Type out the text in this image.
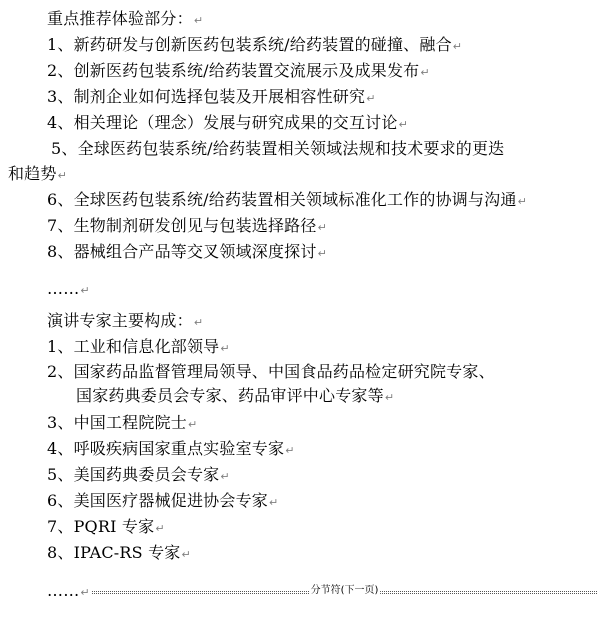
重点推荐体验部分：↵
1、新药研发与创新医药包装系统/给药装置的碰撞、融合↵
2、创新医药包装系统/给药装置交流展示及成果发布↵
3、制剂企业如何选择包装及开展相容性研究↵
4、相关理论（理念）发展与研究成果的交互讨论↵
5、全球医药包装系统/给药装置相关领域法规和技术要求的更迭
和趋势↵
6、全球医药包装系统/给药装置相关领域标准化工作的协调与沟通↵
7、生物制剂研发创见与包装选择路径↵
8、器械组合产品等交叉领域深度探讨↵
……↵
演讲专家主要构成：↵
1、工业和信息化部领导↵
2、国家药品监督管理局领导、中国食品药品检定研究院专家、
国家药典委员会专家、药品审评中心专家等↵
3、中国工程院院士↵
4、呼吸疾病国家重点实验室专家↵
5、美国药典委员会专家↵
6、美国医疗器械促进协会专家↵
7、PQRI 专家↵
8、IPAC-RS 专家↵
……↵	分节符(下一页)
